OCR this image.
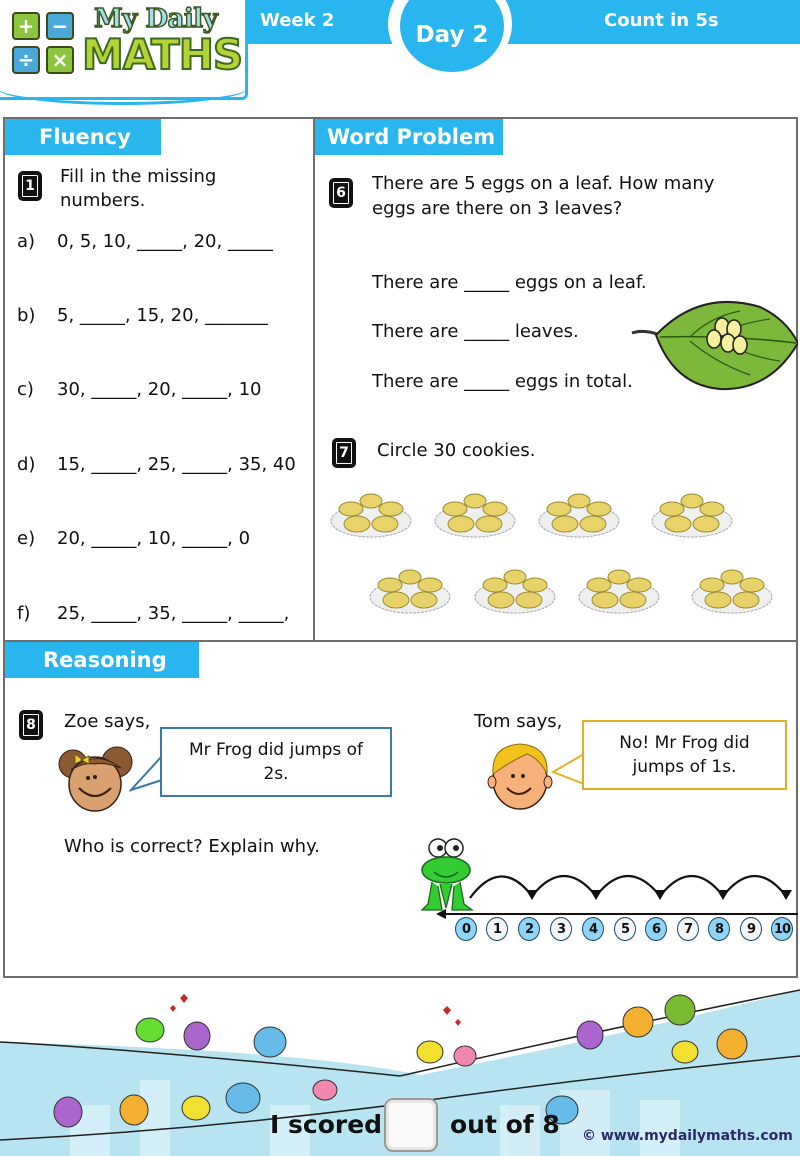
+ −
÷ ×
My Daily
MATHS
Week 2
Day 2
Count in 5s
Fluency
1	Fill in the missing numbers.
a) 0, 5, 10, _____, 20, _____
b) 5, _____, 15, 20, _______
c) 30, _____, 20, _____, 10
d) 15, _____, 25, _____, 35, 40
e) 20, _____, 10, _____, 0
f) 25, _____, 35, _____, _____,
Word Problem
6	There are 5 eggs on a leaf. How many
eggs are there on 3 leaves?
There are _____ eggs on a leaf.
There are _____ leaves.
There are _____ eggs in total.
7	Circle 30 cookies.
Reasoning
8	Zoe says,
Mr Frog did jumps of 2s.
Tom says,
No! Mr Frog did jumps of 1s.
Who is correct? Explain why.
0	1	2	3	4	5	6	7	8	9	10
I scored	out of 8 © www.mydailymaths.com
